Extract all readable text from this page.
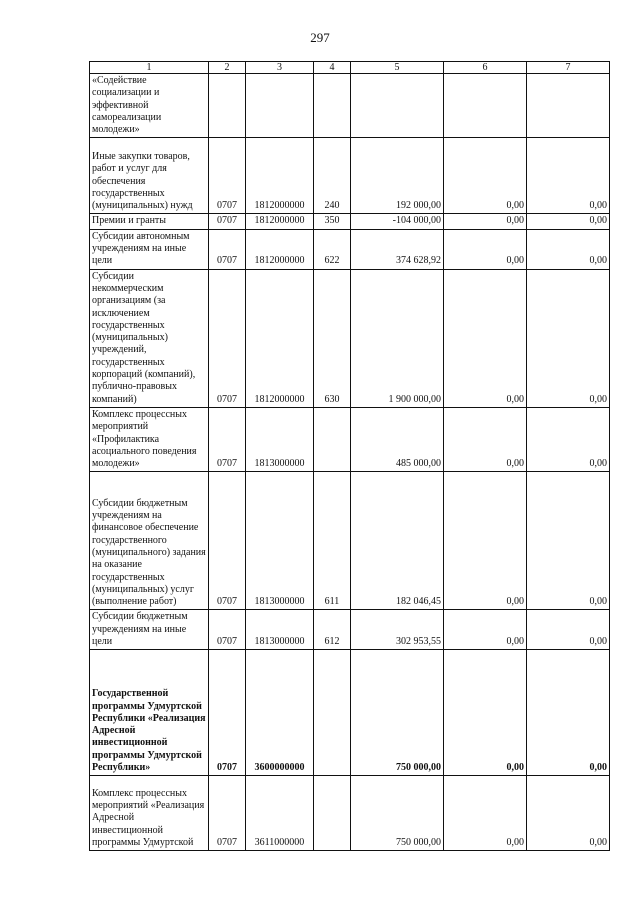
297
1	2	3	4	5	6	7
«Содействие социализации и эффективной самореализации молодежи»						
Иные закупки товаров, работ и услуг для обеспечения государственных (муниципальных) нужд	0707	1812000000	240	192 000,00	0,00	0,00
Премии и гранты	0707	1812000000	350	-104 000,00	0,00	0,00
Субсидии автономным учреждениям на иные цели	0707	1812000000	622	374 628,92	0,00	0,00
Субсидии некоммерческим организациям (за исключением государственных (муниципальных) учреждений, государственных корпораций (компаний), публично-правовых компаний)	0707	1812000000	630	1 900 000,00	0,00	0,00
Комплекс процессных мероприятий «Профилактика асоциального поведения молодежи»	0707	1813000000		485 000,00	0,00	0,00
Субсидии бюджетным учреждениям на финансовое обеспечение государственного (муниципального) задания на оказание государственных (муниципальных) услуг (выполнение работ)	0707	1813000000	611	182 046,45	0,00	0,00
Субсидии бюджетным учреждениям на иные цели	0707	1813000000	612	302 953,55	0,00	0,00
Государственной программы Удмуртской Республики «Реализация Адресной инвестиционной программы Удмуртской Республики»	0707	3600000000		750 000,00	0,00	0,00
Комплекс процессных мероприятий «Реализация Адресной инвестиционной программы Удмуртской	0707	3611000000		750 000,00	0,00	0,00
